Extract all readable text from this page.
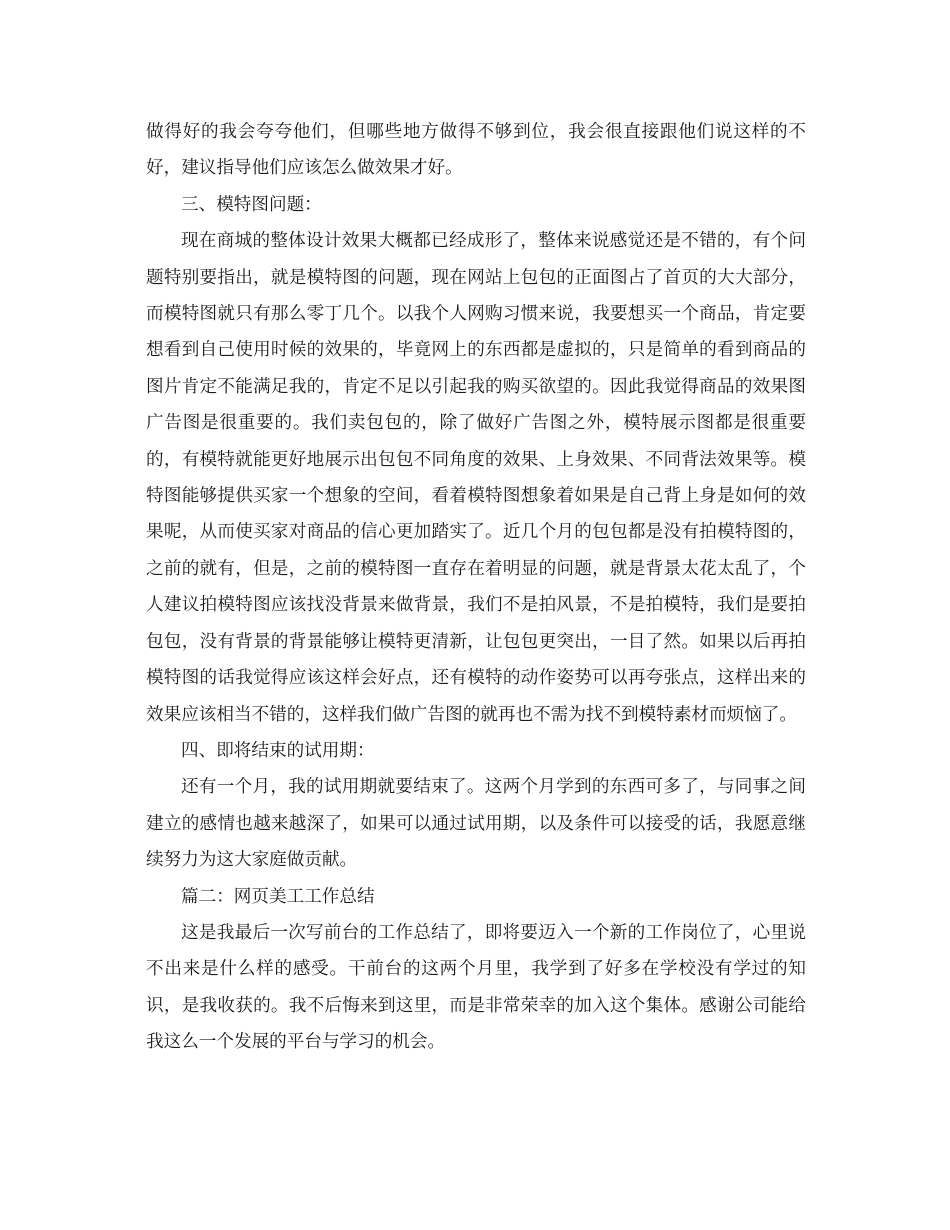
做得好的我会夸夸他们，但哪些地方做得不够到位，我会很直接跟他们说这样的不好，建议指导他们应该怎么做效果才好。

三、模特图问题：

现在商城的整体设计效果大概都已经成形了，整体来说感觉还是不错的，有个问题特别要指出，就是模特图的问题，现在网站上包包的正面图占了首页的大大部分，而模特图就只有那么零丁几个。以我个人网购习惯来说，我要想买一个商品，肯定要想看到自己使用时候的效果的，毕竟网上的东西都是虚拟的，只是简单的看到商品的图片肯定不能满足我的，肯定不足以引起我的购买欲望的。因此我觉得商品的效果图广告图是很重要的。我们卖包包的，除了做好广告图之外，模特展示图都是很重要的，有模特就能更好地展示出包包不同角度的效果、上身效果、不同背法效果等。模特图能够提供买家一个想象的空间，看着模特图想象着如果是自己背上身是如何的效果呢，从而使买家对商品的信心更加踏实了。近几个月的包包都是没有拍模特图的，之前的就有，但是，之前的模特图一直存在着明显的问题，就是背景太花太乱了，个人建议拍模特图应该找没背景来做背景，我们不是拍风景，不是拍模特，我们是要拍包包，没有背景的背景能够让模特更清新，让包包更突出，一目了然。如果以后再拍模特图的话我觉得应该这样会好点，还有模特的动作姿势可以再夸张点，这样出来的效果应该相当不错的，这样我们做广告图的就再也不需为找不到模特素材而烦恼了。

四、即将结束的试用期：

还有一个月，我的试用期就要结束了。这两个月学到的东西可多了，与同事之间建立的感情也越来越深了，如果可以通过试用期，以及条件可以接受的话，我愿意继续努力为这大家庭做贡献。

篇二：网页美工工作总结

这是我最后一次写前台的工作总结了，即将要迈入一个新的工作岗位了，心里说不出来是什么样的感受。干前台的这两个月里，我学到了好多在学校没有学过的知识，是我收获的。我不后悔来到这里，而是非常荣幸的加入这个集体。感谢公司能给我这么一个发展的平台与学习的机会。
